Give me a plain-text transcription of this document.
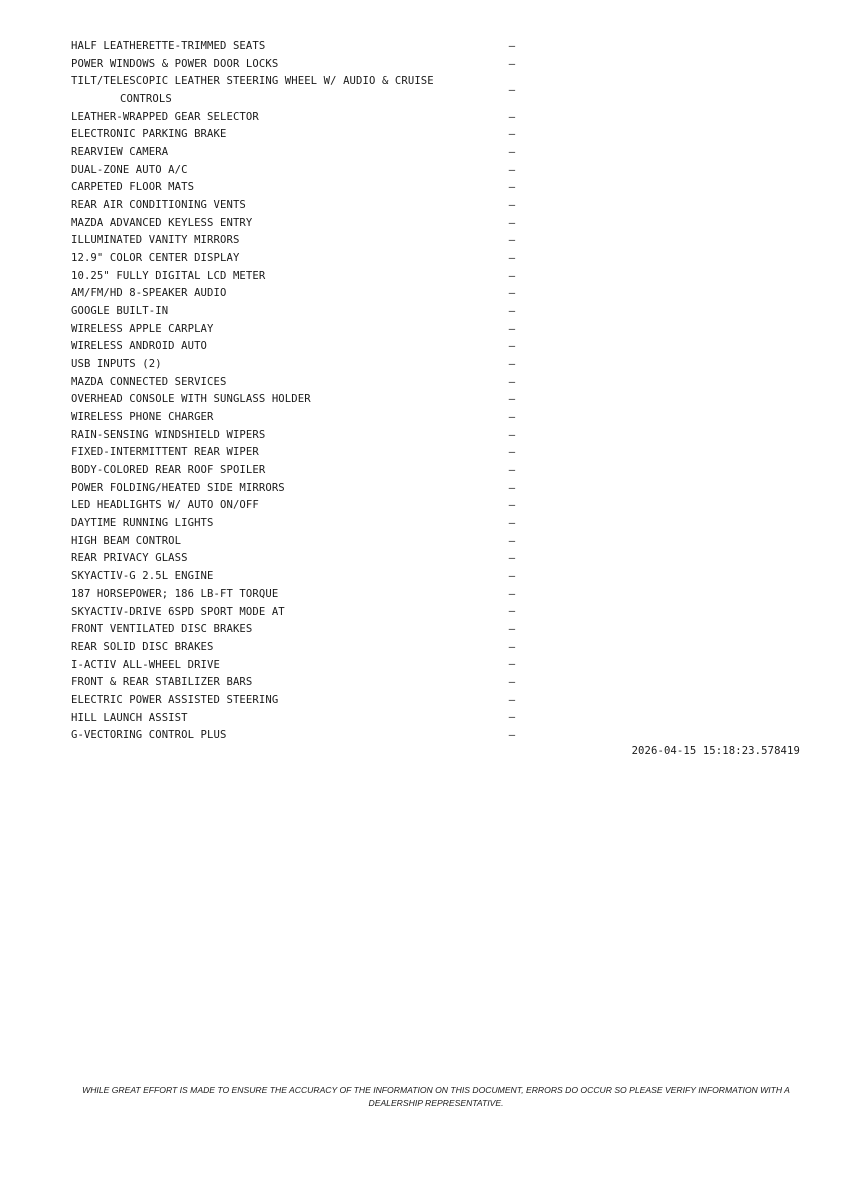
HALF LEATHERETTE-TRIMMED SEATS	—
POWER WINDOWS & POWER DOOR LOCKS	—
TILT/TELESCOPIC LEATHER STEERING WHEEL W/ AUDIO & CRUISE
CONTROLS
—
LEATHER-WRAPPED GEAR SELECTOR	—
ELECTRONIC PARKING BRAKE	—
REARVIEW CAMERA	—
DUAL-ZONE AUTO A/C	—
CARPETED FLOOR MATS	—
REAR AIR CONDITIONING VENTS	—
MAZDA ADVANCED KEYLESS ENTRY	—
ILLUMINATED VANITY MIRRORS	—
12.9" COLOR CENTER DISPLAY	—
10.25" FULLY DIGITAL LCD METER	—
AM/FM/HD 8-SPEAKER AUDIO	—
GOOGLE BUILT-IN	—
WIRELESS APPLE CARPLAY	—
WIRELESS ANDROID AUTO	—
USB INPUTS (2)	—
MAZDA CONNECTED SERVICES	—
OVERHEAD CONSOLE WITH SUNGLASS HOLDER	—
WIRELESS PHONE CHARGER	—
RAIN-SENSING WINDSHIELD WIPERS	—
FIXED-INTERMITTENT REAR WIPER	—
BODY-COLORED REAR ROOF SPOILER	—
POWER FOLDING/HEATED SIDE MIRRORS	—
LED HEADLIGHTS W/ AUTO ON/OFF	—
DAYTIME RUNNING LIGHTS	—
HIGH BEAM CONTROL	—
REAR PRIVACY GLASS	—
SKYACTIV-G 2.5L ENGINE	—
187 HORSEPOWER; 186 LB-FT TORQUE	—
SKYACTIV-DRIVE 6SPD SPORT MODE AT	—
FRONT VENTILATED DISC BRAKES	—
REAR SOLID DISC BRAKES	—
I-ACTIV ALL-WHEEL DRIVE	—
FRONT & REAR STABILIZER BARS	—
ELECTRIC POWER ASSISTED STEERING	—
HILL LAUNCH ASSIST	—
G-VECTORING CONTROL PLUS	—
2026-04-15 15:18:23.578419
WHILE GREAT EFFORT IS MADE TO ENSURE THE ACCURACY OF THE INFORMATION ON THIS DOCUMENT, ERRORS DO OCCUR SO PLEASE VERIFY INFORMATION WITH A
DEALERSHIP REPRESENTATIVE.
